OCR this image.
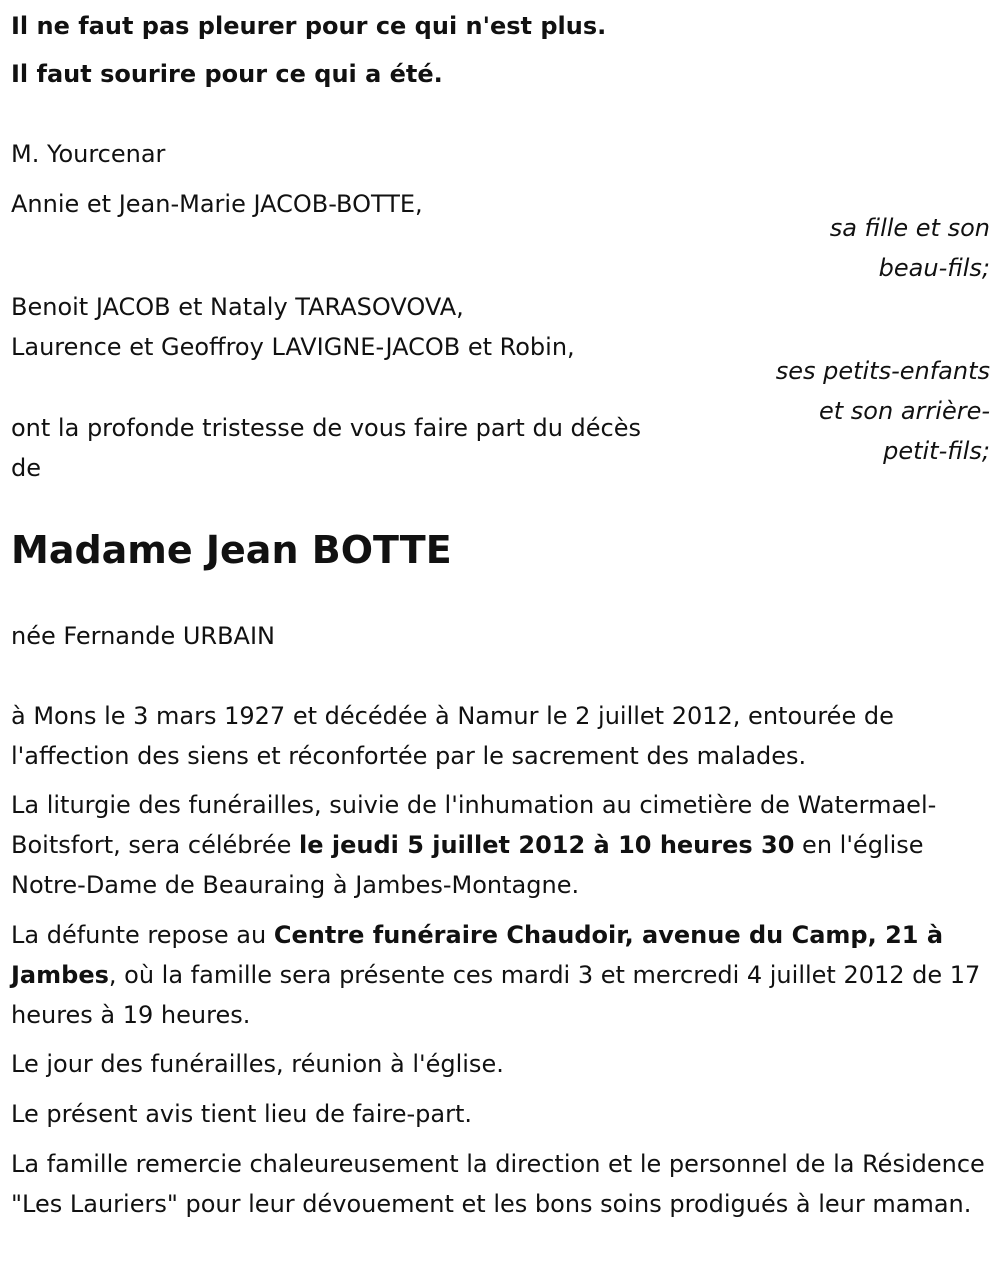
Il ne faut pas pleurer pour ce qui n'est plus.

Il faut sourire pour ce qui a été.

M. Yourcenar

Annie et Jean-Marie JACOB-BOTTE,

sa fille et son
beau-fils;

Benoit JACOB et Nataly TARASOVOVA,

Laurence et Geoffroy LAVIGNE-JACOB et Robin,

ses petits-enfants
et son arrière-
petit-fils;

ont la profonde tristesse de vous faire part du décès

de

Madame Jean BOTTE

née Fernande URBAIN

à Mons le 3 mars 1927 et décédée à Namur le 2 juillet 2012, entourée de l'affection des siens et réconfortée par le sacrement des malades.

La liturgie des funérailles, suivie de l'inhumation au cimetière de Watermael-Boitsfort, sera célébrée le jeudi 5 juillet 2012 à 10 heures 30 en l'église Notre-Dame de Beauraing à Jambes-Montagne.

La défunte repose au Centre funéraire Chaudoir, avenue du Camp, 21 à Jambes, où la famille sera présente ces mardi 3 et mercredi 4 juillet 2012 de 17 heures à 19 heures.

Le jour des funérailles, réunion à l'église.

Le présent avis tient lieu de faire-part.

La famille remercie chaleureusement la direction et le personnel de la Résidence "Les Lauriers" pour leur dévouement et les bons soins prodigués à leur maman.
